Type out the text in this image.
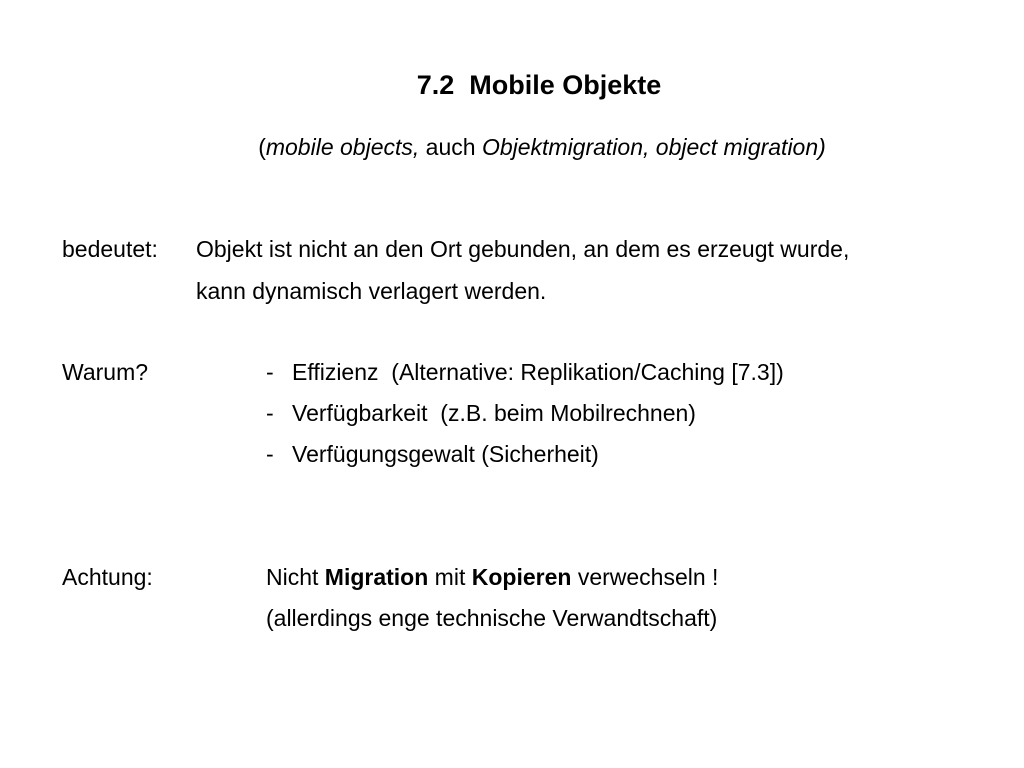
7.2  Mobile Objekte
(mobile objects, auch Objektmigration, object migration)
bedeutet: Objekt ist nicht an den Ort gebunden, an dem es erzeugt wurde,
kann dynamisch verlagert werden.
Warum?	- Effizienz  (Alternative: Replikation/Caching [7.3])
- Verfügbarkeit  (z.B. beim Mobilrechnen)
- Verfügungsgewalt (Sicherheit)
Achtung:	Nicht Migration mit Kopieren verwechseln !
(allerdings enge technische Verwandtschaft)
